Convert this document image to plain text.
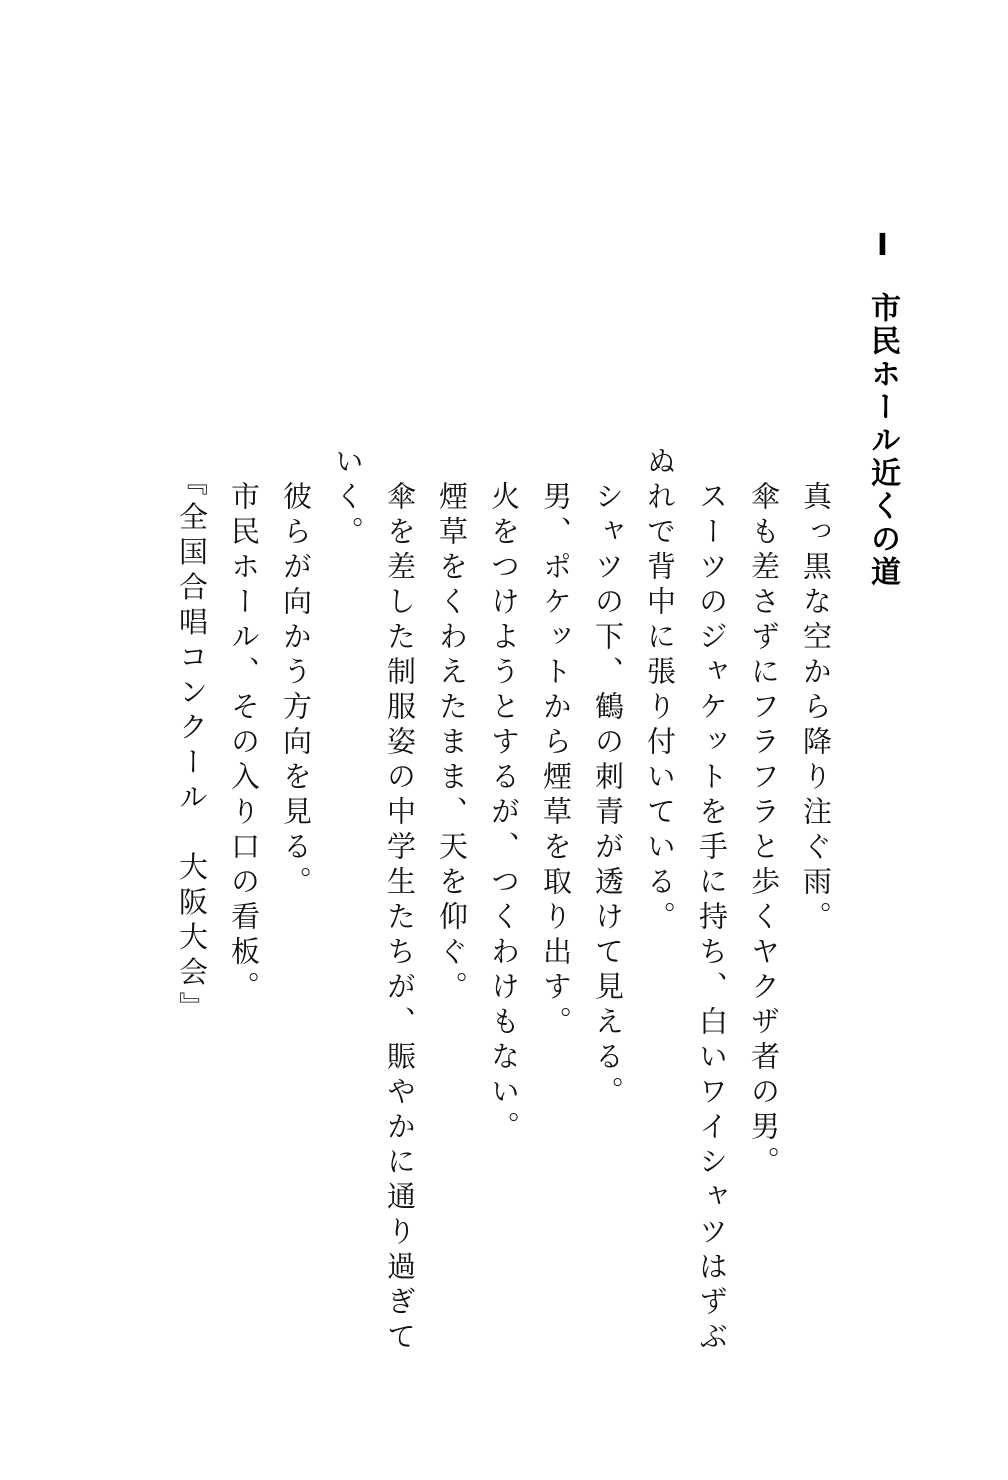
Ⅰ市民ホール近くの道

　真っ黒な空から降り注ぐ雨。

　傘も差さずにフラフラと歩くヤクザ者の男。

　スーツのジャケットを手に持ち、白いワイシャツはずぶ

ぬれで背中に張り付いている。

　シャツの下、鶴の刺青が透けて見える。

　男、ポケットから煙草を取り出す。

　火をつけようとするが、つくわけもない。

　煙草をくわえたまま、天を仰ぐ。

　傘を差した制服姿の中学生たちが、賑やかに通り過ぎて

いく。

　彼らが向かう方向を見る。

　市民ホール、その入り口の看板。

　『全国合唱コンクール　大阪大会』
